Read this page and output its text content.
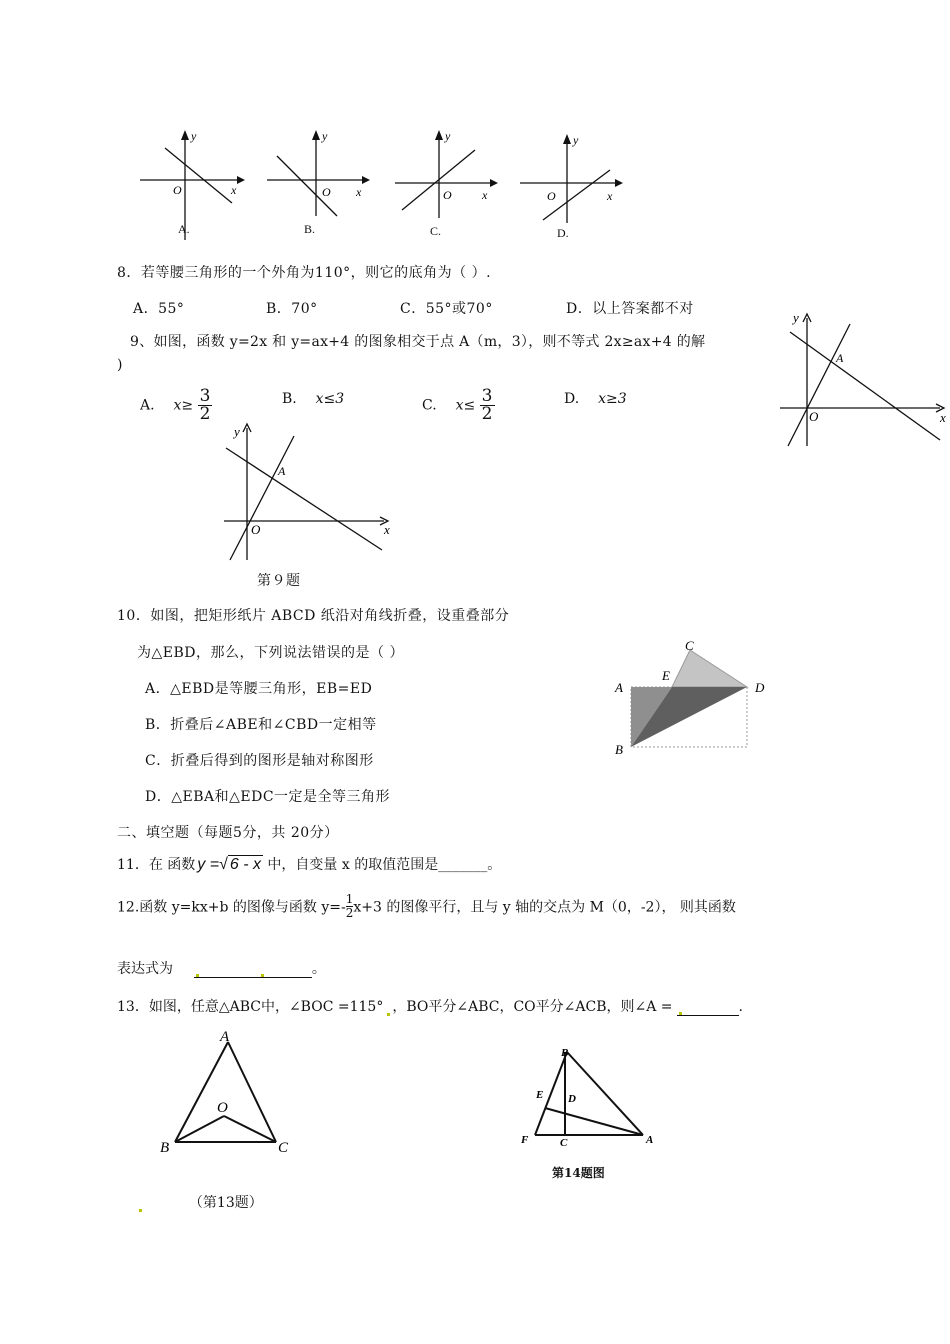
y
x
O
A.
y
x
O
B.
y
x
O
C.
y
x
O
D.
8．若等腰三角形的一个外角为110°，则它的底角为（ ）.
A．55°	B．70°	C．55°或70°	D．以上答案都不对
9、如图，函数 y=2x 和 y=ax+4 的图象相交于点 A（m，3），则不等式 2x≥ax+4 的解
)
A. $x\ge \frac{3}{2}$	B. x≤3	C. $x\le \frac{3}{2}$	D. x≥3
y
A
O	x
y
A
O	x
第９题
10．如图，把矩形纸片 ABCD 纸沿对角线折叠，设重叠部分
为△EBD，那么，下列说法错误的是（ ）
A．△EBD是等腰三角形，EB=ED
B．折叠后∠ABE和∠CBD一定相等
C．折叠后得到的图形是轴对称图形
D．△EBA和△EDC一定是全等三角形
C
E
A	D
B
二、填空题（每题5分，共 20分）
11．在 函数 y =√ 6 - x 中，自变量 x 的取值范围是_______。
12.函数 y=kx+b 的图像与函数 $y=- \frac{1}{2} x+3$ 的图像平行，且与 y 轴的交点为 M（0，-2）， 则其函数
表达式为	。
13．如图，任意△ABC中，∠BOC =115° ，BO平分∠ABC，CO平分∠ACB，则∠A =	.
A
O
B	C
B
E D
F	C	A
第14题图
（第13题）
